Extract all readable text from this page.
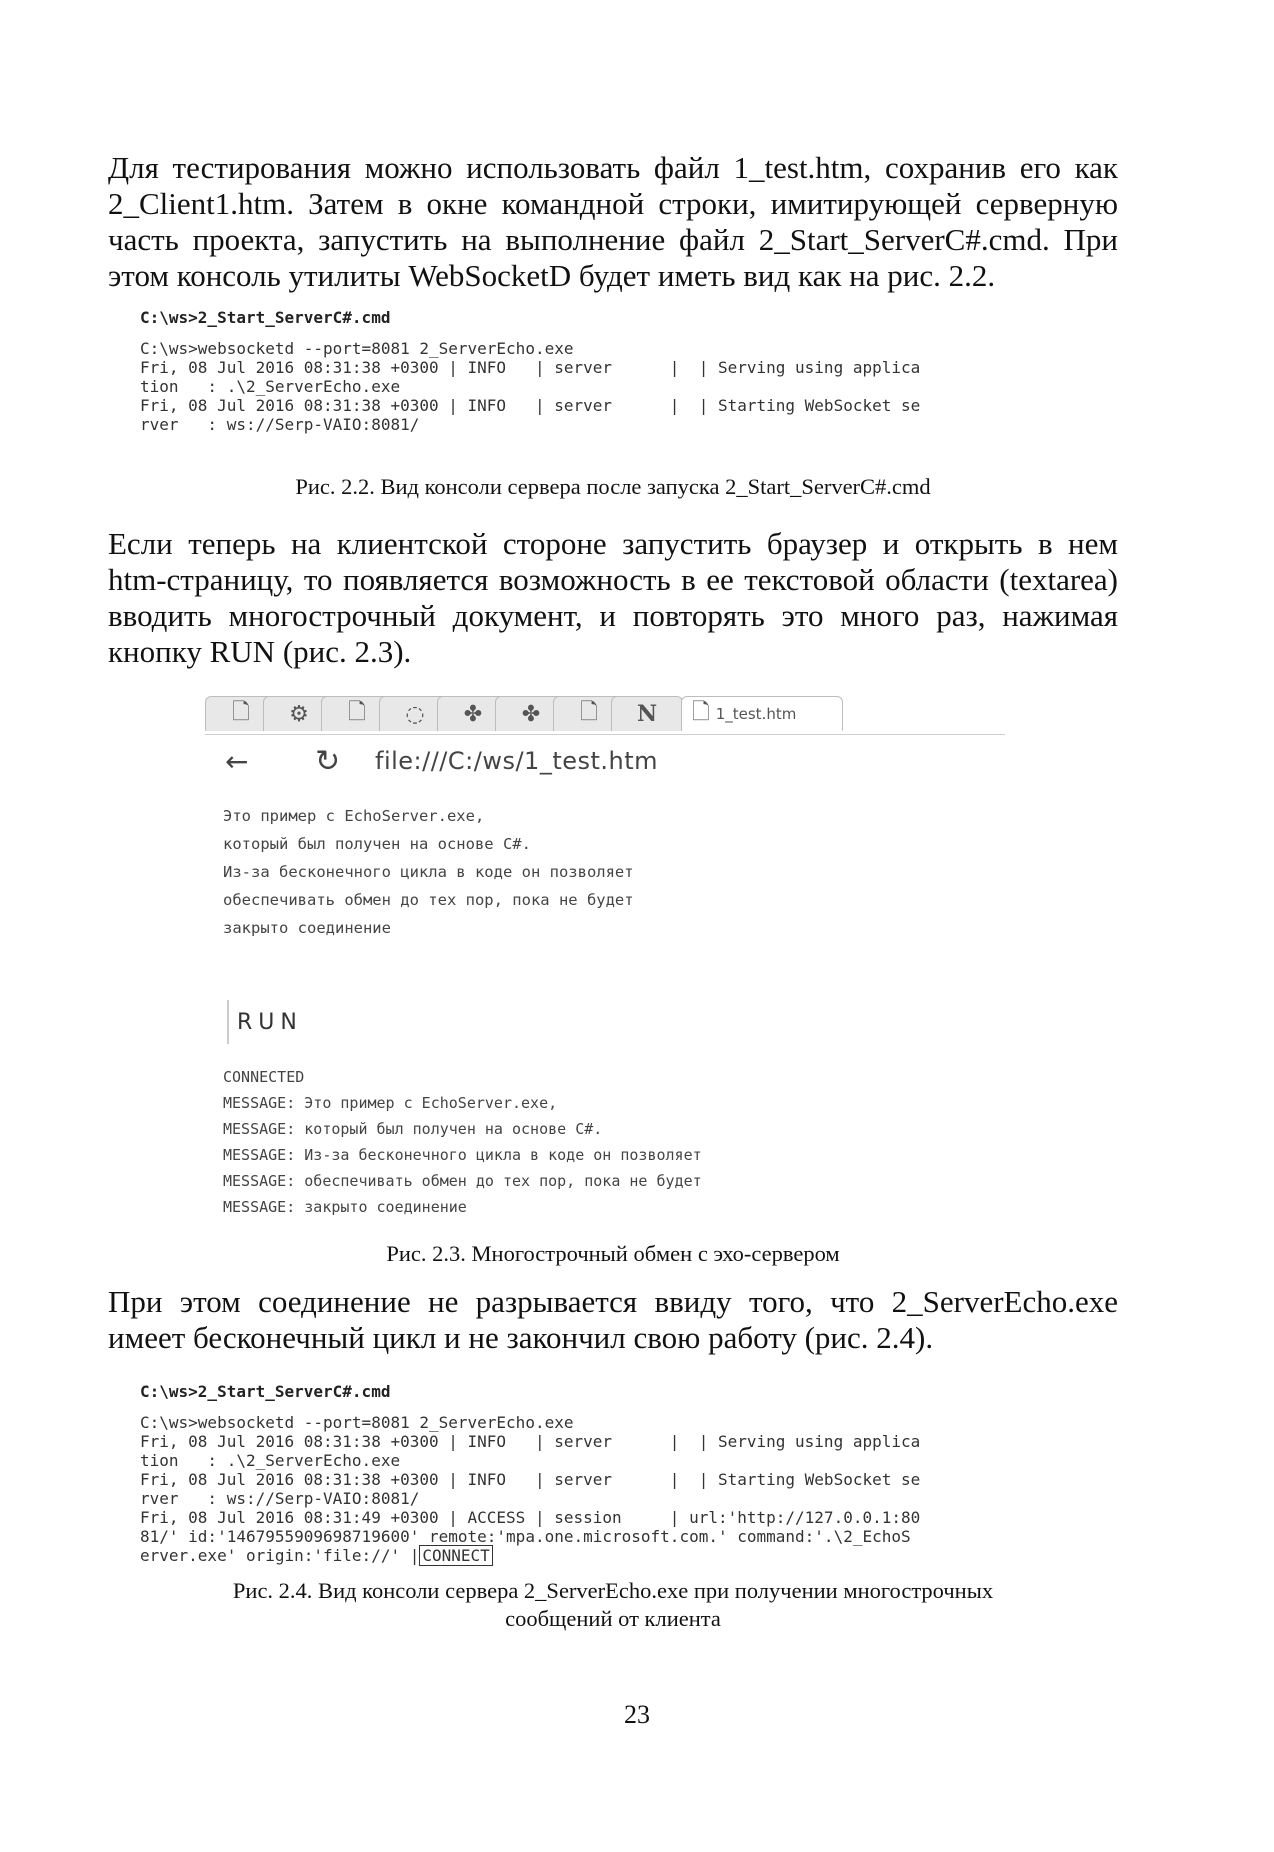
Для тестирования можно использовать файл 1_test.htm, сохранив его как
2_Client1.htm. Затем в окне командной строки, имитирующей серверную
часть проекта, запустить на выполнение файл 2_Start_ServerC#.cmd. При
этом консоль утилиты WebSocketD будет иметь вид как на рис. 2.2.

C:\ws>2_Start_ServerC#.cmd
C:\ws>websocketd --port=8081 2_ServerEcho.exe
Fri, 08 Jul 2016 08:31:38 +0300 | INFO   | server      |  | Serving using applica
tion   : .\2_ServerEcho.exe
Fri, 08 Jul 2016 08:31:38 +0300 | INFO   | server      |  | Starting WebSocket se
rver   : ws://Serp-VAIO:8081/

Рис. 2.2. Вид консоли сервера после запуска 2_Start_ServerC#.cmd

Если теперь на клиентской стороне запустить браузер и открыть в нем
htm-страницу, то появляется возможность в ее текстовой области (textarea)
вводить многострочный документ, и повторять это много раз, нажимая
кнопку RUN (рис. 2.3).

🗋 ⚙ 🗋 ◌ ✤ ✤ 🗋 N 🗋 1_test.htm
← ↻	file:///C:/ws/1_test.htm
Это пример с EchoServer.exe,
который был получен на основе C#.
Из-за бесконечного цикла в коде он позволяет
обеспечивать обмен до тех пор, пока не будет
закрыто соединение
RUN
CONNECTED
MESSAGE: Это пример с EchoServer.exe,
MESSAGE: который был получен на основе C#.
MESSAGE: Из-за бесконечного цикла в коде он позволяет
MESSAGE: обеспечивать обмен до тех пор, пока не будет
MESSAGE: закрыто соединение

Рис. 2.3. Многострочный обмен с эхо-сервером

При этом соединение не разрывается ввиду того, что 2_ServerEcho.exe
имеет бесконечный цикл и не закончил свою работу (рис. 2.4).

C:\ws>2_Start_ServerC#.cmd
C:\ws>websocketd --port=8081 2_ServerEcho.exe
Fri, 08 Jul 2016 08:31:38 +0300 | INFO   | server      |  | Serving using applica
tion   : .\2_ServerEcho.exe
Fri, 08 Jul 2016 08:31:38 +0300 | INFO   | server      |  | Starting WebSocket se
rver   : ws://Serp-VAIO:8081/
Fri, 08 Jul 2016 08:31:49 +0300 | ACCESS | session     | url:'http://127.0.0.1:80
81/' id:'1467955909698719600' remote:'mpa.one.microsoft.com.' command:'.\2_EchoS
erver.exe' origin:'file://' | CONNECT

Рис. 2.4. Вид консоли сервера 2_ServerEcho.exe при получении многострочных
сообщений от клиента

23
